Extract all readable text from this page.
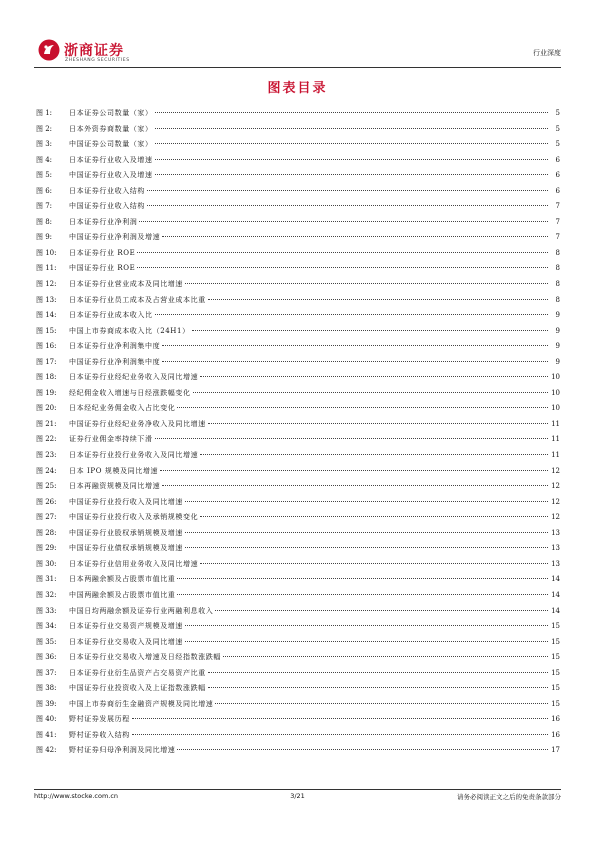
浙商证券
ZHESHANG SECURITIES
行业深度
图表目录
图 1:	日本证券公司数量（家）	5
图 2:	日本外资券商数量（家）	5
图 3:	中国证券公司数量（家）	5
图 4:	日本证券行业收入及增速	6
图 5:	中国证券行业收入及增速	6
图 6:	日本证券行业收入结构	6
图 7:	中国证券行业收入结构	7
图 8:	日本证券行业净利润	7
图 9:	中国证券行业净利润及增速	7
图 10:	日本证券行业 ROE	8
图 11:	中国证券行业 ROE	8
图 12:	日本证券行业营业成本及同比增速	8
图 13:	日本证券行业员工成本及占营业成本比重	8
图 14:	日本证券行业成本收入比	9
图 15:	中国上市券商成本收入比（24H1）	9
图 16:	日本证券行业净利润集中度	9
图 17:	中国证券行业净利润集中度	9
图 18:	日本证券行业经纪业务收入及同比增速	10
图 19:	经纪佣金收入增速与日经涨跌幅变化	10
图 20:	日本经纪业务佣金收入占比变化	10
图 21:	中国证券行业经纪业务净收入及同比增速	11
图 22:	证券行业佣金率持续下滑	11
图 23:	日本证券行业投行业务收入及同比增速	11
图 24:	日本 IPO 规模及同比增速	12
图 25:	日本再融资规模及同比增速	12
图 26:	中国证券行业投行收入及同比增速	12
图 27:	中国证券行业投行收入及承销规模变化	12
图 28:	中国证券行业股权承销规模及增速	13
图 29:	中国证券行业债权承销规模及增速	13
图 30:	日本证券行业信用业务收入及同比增速	13
图 31:	日本两融余额及占股票市值比重	14
图 32:	中国两融余额及占股票市值比重	14
图 33:	中国日均两融余额及证券行业两融利息收入	14
图 34:	日本证券行业交易资产规模及增速	15
图 35:	日本证券行业交易收入及同比增速	15
图 36:	日本证券行业交易收入增速及日经指数涨跌幅	15
图 37:	日本证券行业衍生品资产占交易资产比重	15
图 38:	中国证券行业投资收入及上证指数涨跌幅	15
图 39:	中国上市券商衍生金融资产规模及同比增速	15
图 40:	野村证券发展历程	16
图 41:	野村证券收入结构	16
图 42:	野村证券归母净利润及同比增速	17
http://www.stocke.com.cn	3/21	请务必阅读正文之后的免责条款部分
